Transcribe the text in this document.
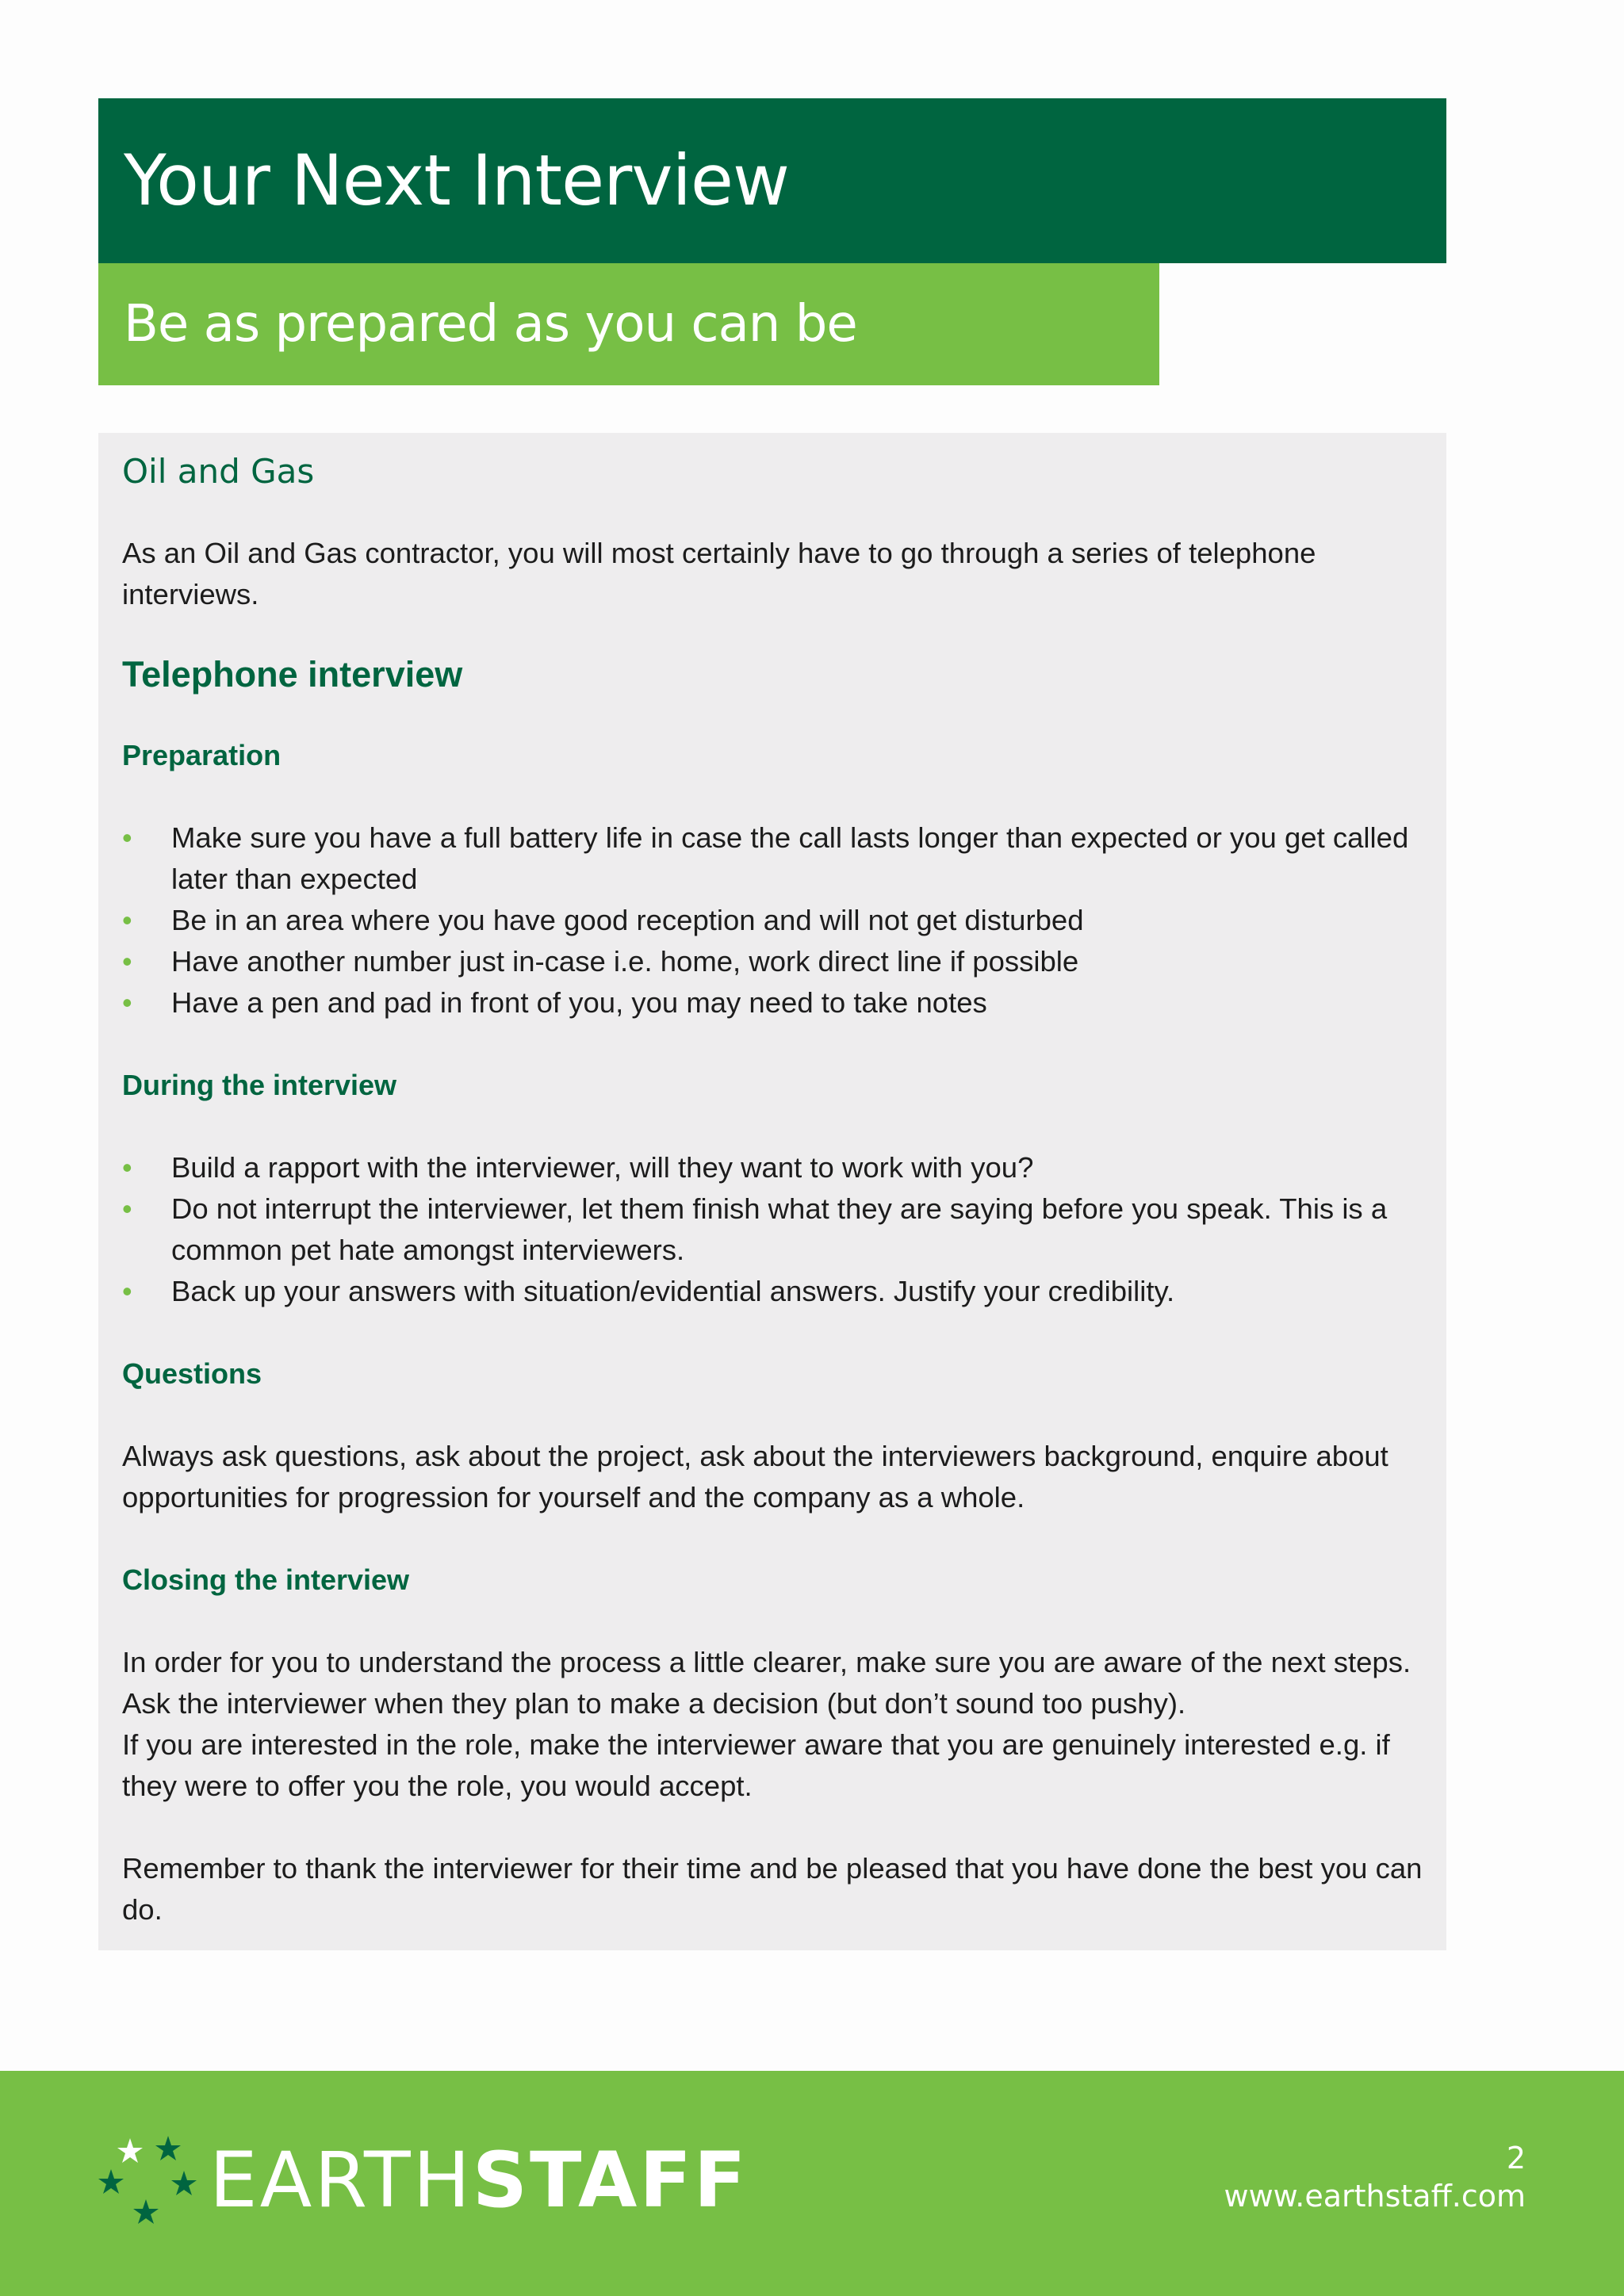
Your Next Interview
Be as prepared as you can be
Oil and Gas

As an Oil and Gas contractor, you will most certainly have to go through a series of telephone interviews.

Telephone interview
Preparation
• Make sure you have a full battery life in case the call lasts longer than expected or you get called later than expected
• Be in an area where you have good reception and will not get disturbed
• Have another number just in-case i.e. home, work direct line if possible
• Have a pen and pad in front of you, you may need to take notes
During the interview
• Build a rapport with the interviewer, will they want to work with you?
• Do not interrupt the interviewer, let them finish what they are saying before you speak. This is a common pet hate amongst interviewers.
• Back up your answers with situation/evidential answers. Justify your credibility.
Questions

Always ask questions, ask about the project, ask about the interviewers background, enquire about opportunities for progression for yourself and the company as a whole.

Closing the interview

In order for you to understand the process a little clearer, make sure you are aware of the next steps. Ask the interviewer when they plan to make a decision (but don’t sound too pushy).

If you are interested in the role, make the interviewer aware that you are genuinely interested e.g. if they were to offer you the role, you would accept.

Remember to thank the interviewer for their time and be pleased that you have done the best you can do.

EARTHSTAFF	2
www.earthstaff.com
